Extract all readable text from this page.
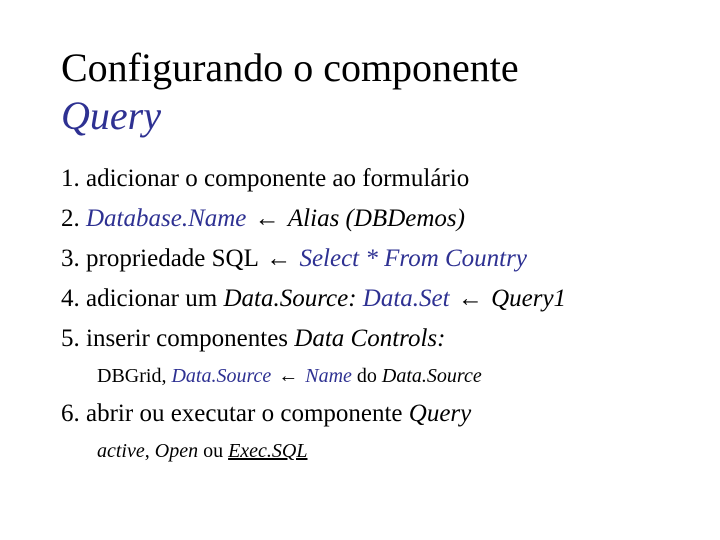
Configurando o componente
Query
1. adicionar o componente ao formulário
2. Database.Name ← Alias (DBDemos)
3. propriedade SQL ← Select * From Country
4. adicionar um Data.Source: Data.Set ← Query1
5. inserir componentes Data Controls:
DBGrid, Data.Source ← Name do Data.Source
6. abrir ou executar o componente Query
active, Open ou Exec.SQL
